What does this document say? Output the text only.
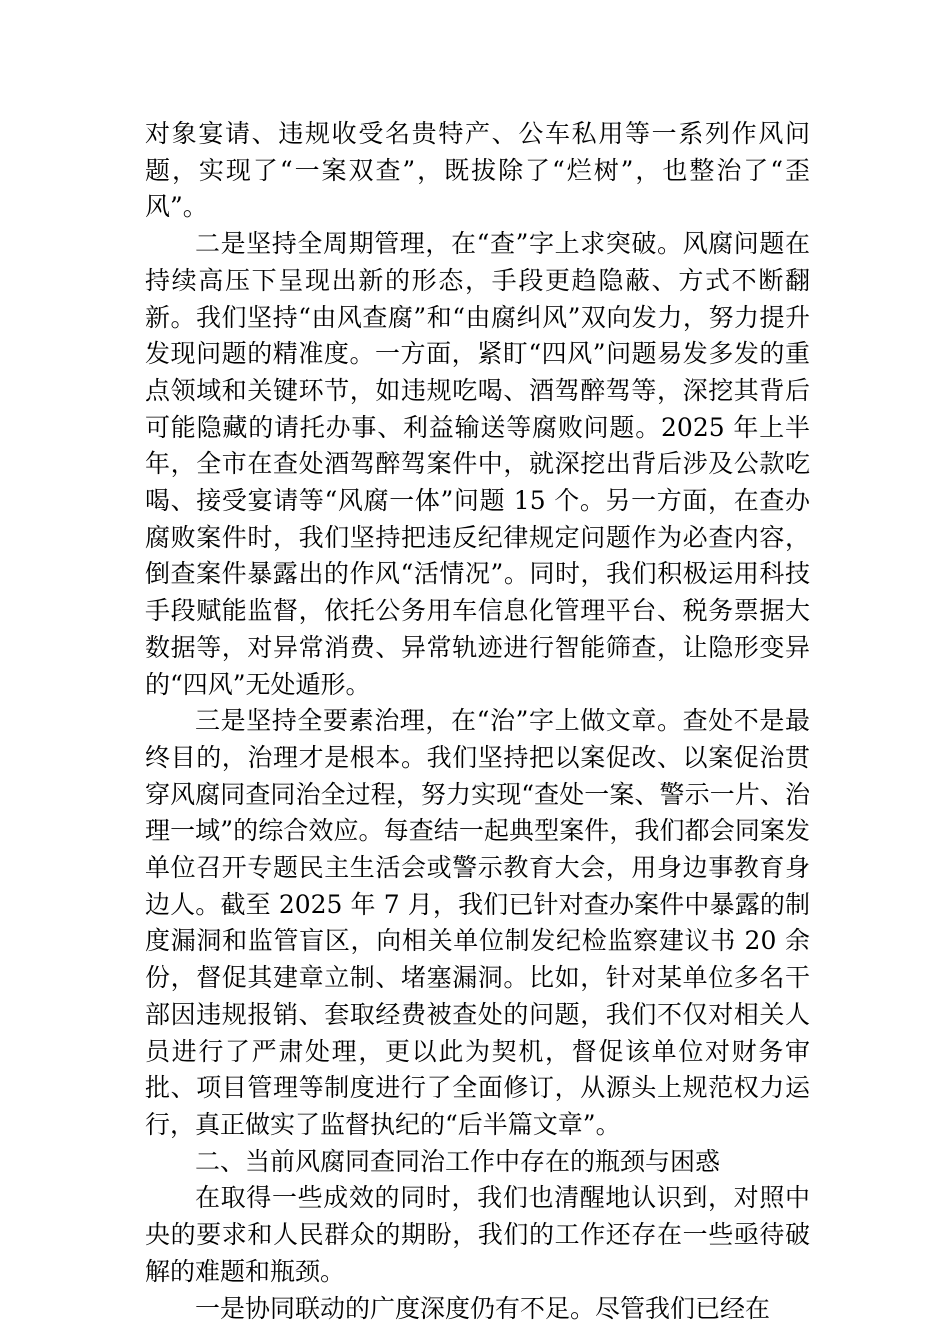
对象宴请、违规收受名贵特产、公车私用等一系列作风问题，实现了“一案双查”，既拔除了“烂树”，也整治了“歪风”。

二是坚持全周期管理，在“查”字上求突破。风腐问题在持续高压下呈现出新的形态，手段更趋隐蔽、方式不断翻新。我们坚持“由风查腐”和“由腐纠风”双向发力，努力提升发现问题的精准度。一方面，紧盯“四风”问题易发多发的重点领域和关键环节，如违规吃喝、酒驾醉驾等，深挖其背后可能隐藏的请托办事、利益输送等腐败问题。2025 年上半年，全市在查处酒驾醉驾案件中，就深挖出背后涉及公款吃喝、接受宴请等“风腐一体”问题 15 个。另一方面，在查办腐败案件时，我们坚持把违反纪律规定问题作为必查内容，倒查案件暴露出的作风“活情况”。同时，我们积极运用科技手段赋能监督，依托公务用车信息化管理平台、税务票据大数据等，对异常消费、异常轨迹进行智能筛查，让隐形变异的“四风”无处遁形。

三是坚持全要素治理，在“治”字上做文章。查处不是最终目的，治理才是根本。我们坚持把以案促改、以案促治贯穿风腐同查同治全过程，努力实现“查处一案、警示一片、治理一域”的综合效应。每查结一起典型案件，我们都会同案发单位召开专题民主生活会或警示教育大会，用身边事教育身边人。截至 2025 年 7 月，我们已针对查办案件中暴露的制度漏洞和监管盲区，向相关单位制发纪检监察建议书 20 余份，督促其建章立制、堵塞漏洞。比如，针对某单位多名干部因违规报销、套取经费被查处的问题，我们不仅对相关人员进行了严肃处理，更以此为契机，督促该单位对财务审批、项目管理等制度进行了全面修订，从源头上规范权力运行，真正做实了监督执纪的“后半篇文章”。

二、当前风腐同查同治工作中存在的瓶颈与困惑

在取得一些成效的同时，我们也清醒地认识到，对照中央的要求和人民群众的期盼，我们的工作还存在一些亟待破解的难题和瓶颈。

一是协同联动的广度深度仍有不足。尽管我们已经在
